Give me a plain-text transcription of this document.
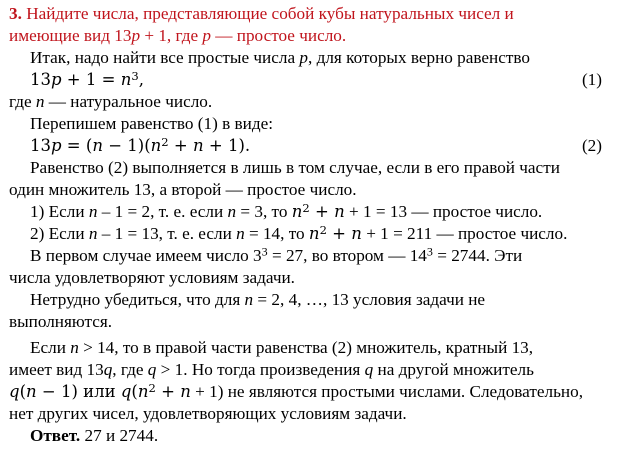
3. Найдите числа, представляющие собой кубы натуральных чисел и
имеющие вид 13p + 1, где p — простое число.
Итак, надо найти все простые числа p, для которых верно равенство
$13p + 1 = n^3$,	(1)
где n — натуральное число.
Перепишем равенство (1) в виде:
$13p = (n - 1)(n^2 + n + 1)$.	(2)
Равенство (2) выполняется в лишь в том случае, если в его правой части
один множитель 13, а второй — простое число.
1) Если n – 1 = 2, т. е. если n = 3, то $n^2 + n + 1 = 13$ — простое число.
2) Если n – 1 = 13, т. е. если n = 14, то $n^2 + n + 1 = 211$ — простое число.
В первом случае имеем число $3^3 = 27$, во втором — $14^3 = 2744$. Эти
числа удовлетворяют условиям задачи.
Нетрудно убедиться, что для n = 2, 4, …, 13 условия задачи не
выполняются.
Если n > 14, то в правой части равенства (2) множитель, кратный 13,
имеет вид 13q, где q > 1. Но тогда произведения q на другой множитель
q(n − 1) или $q(n^2 + n + 1)$ не являются простыми числами. Следовательно,
нет других чисел, удовлетворяющих условиям задачи.
Ответ. 27 и 2744.
